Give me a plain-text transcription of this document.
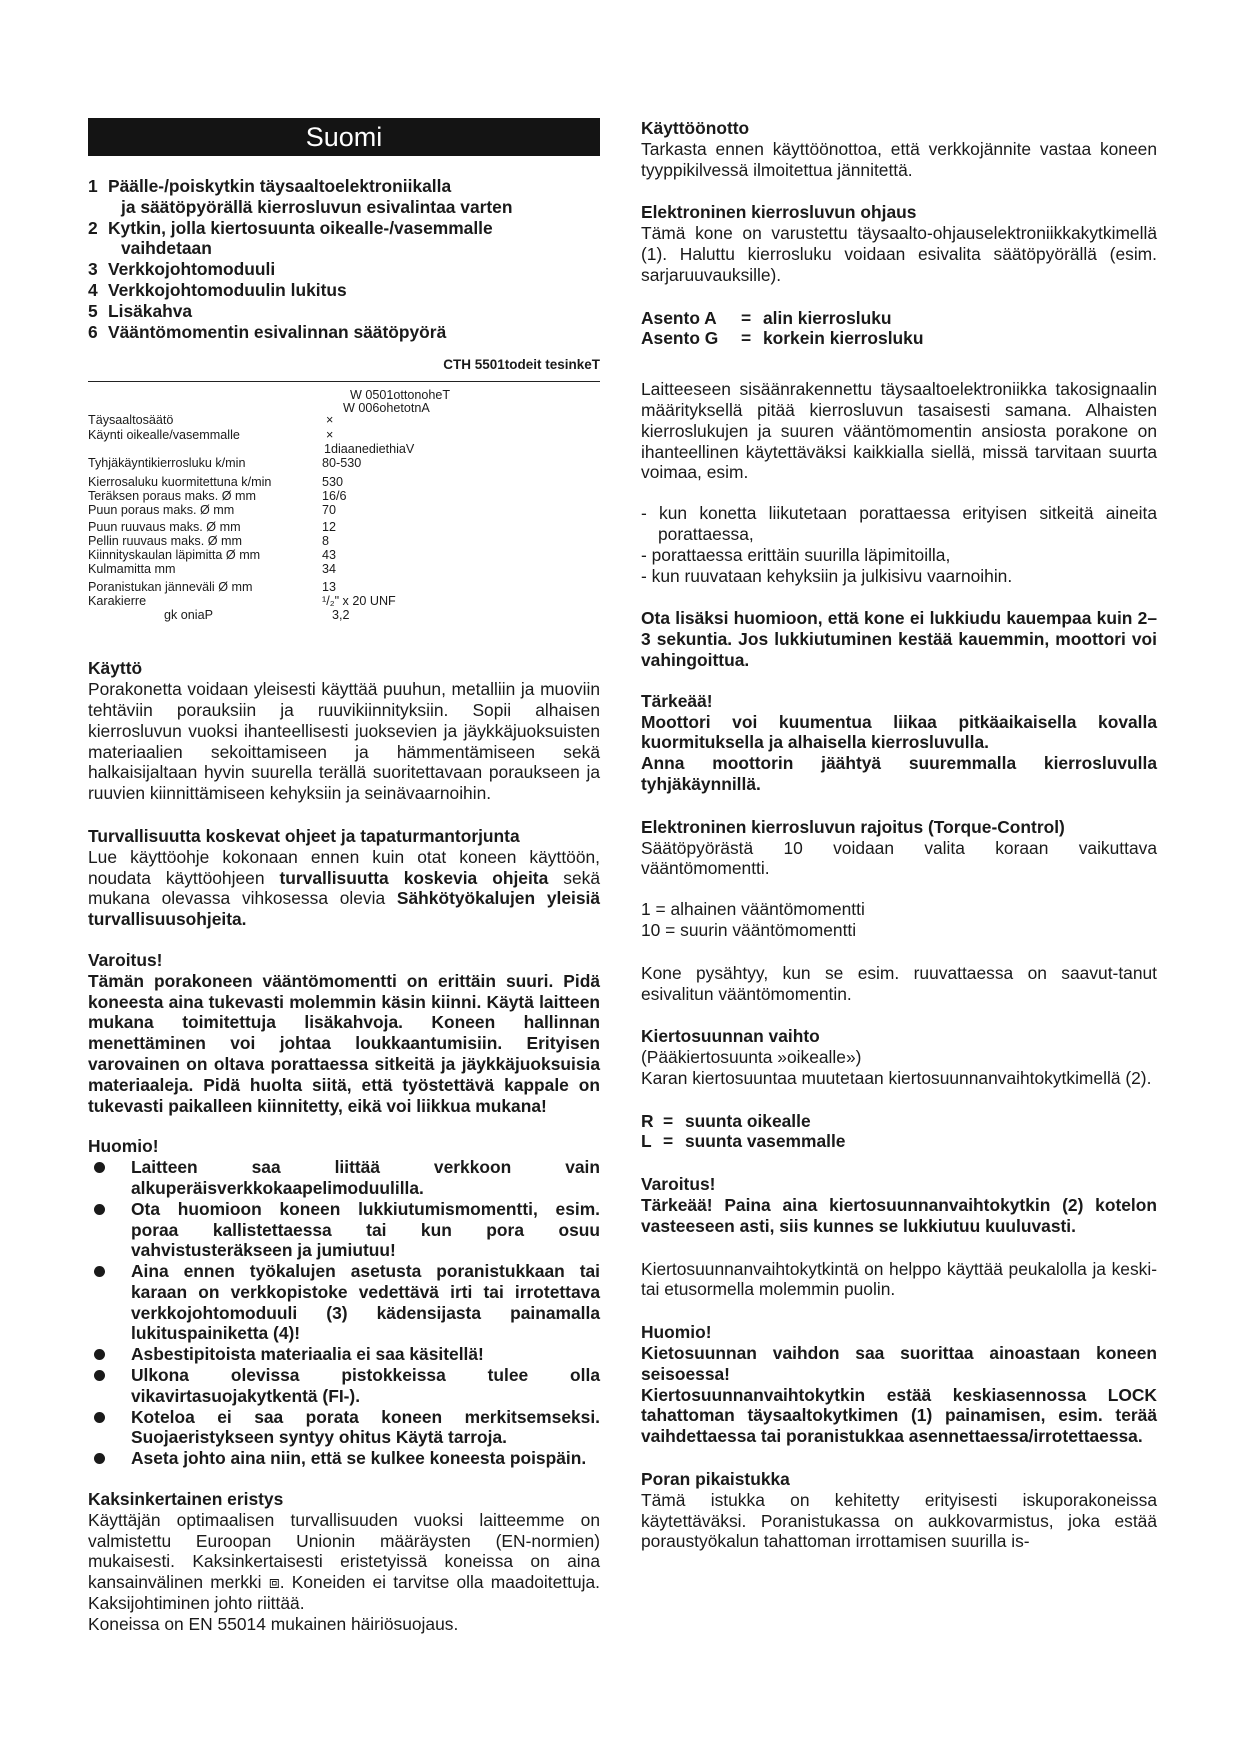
Suomi
1 Päälle-/poiskytkin täysaaltoelektroniikalla
ja säätöpyörällä kierrosluvun esivalintaa varten
2 Kytkin, jolla kiertosuunta oikealle-/vasemmalle
vaihdetaan
3 Verkkojohtomoduuli
4 Verkkojohtomoduulin lukitus
5 Lisäkahva
6 Vääntömomentin esivalinnan säätöpyörä
CTH 5501todeit tesinkeT
W 0501ottonoheT
W 006ohetotnA
Täysaaltosäätö	×
Käynti oikealle/vasemmalle	×
1diaanediethiaV
Tyhjäkäyntikierrosluku k/min	80-530
Kierrosaluku kuormitettuna k/min	530
Teräksen poraus maks. Ø mm	16/6
Puun poraus maks. Ø mm	70
Puun ruuvaus maks. Ø mm	12
Pellin ruuvaus maks. Ø mm	8
Kiinnityskaulan läpimitta Ø mm	43
Kulmamitta mm	34
Poranistukan jänneväli Ø mm	13
Karakierre	¹/₂" x 20 UNF
gk oniaP	3,2

Käyttö

Porakonetta voidaan yleisesti käyttää puuhun, metalliin ja muoviin tehtäviin porauksiin ja ruuvikiinnityksiin. Sopii alhaisen kierrosluvun vuoksi ihanteellisesti juoksevien ja jäykkäjuoksuisten materiaalien sekoittamiseen ja hämmentämiseen sekä halkaisijaltaan hyvin suurella terällä suoritettavaan poraukseen ja ruuvien kiinnittämiseen kehyksiin ja seinävaarnoihin.

Turvallisuutta koskevat ohjeet ja tapaturmantorjunta

Lue käyttöohje kokonaan ennen kuin otat koneen käyttöön, noudata käyttöohjeen turvallisuutta koskevia ohjeita sekä mukana olevassa vihkosessa olevia Sähkötyökalujen yleisiä turvallisuusohjeita.

Varoitus!

Tämän porakoneen vääntömomentti on erittäin suuri. Pidä koneesta aina tukevasti molemmin käsin kiinni. Käytä laitteen mukana toimitettuja lisäkahvoja. Koneen hallinnan menettäminen voi johtaa loukkaantumisiin. Erityisen varovainen on oltava porattaessa sitkeitä ja jäykkäjuoksuisia materiaaleja. Pidä huolta siitä, että työstettävä kappale on tukevasti paikalleen kiinnitetty, eikä voi liikkua mukana!

Huomio!

Laitteen saa liittää verkkoon vain alkuperäisverkkokaapelimoduulilla.
Ota huomioon koneen lukkiutumismomentti, esim. poraa kallistettaessa tai kun pora osuu vahvistusteräkseen ja jumiutuu!
Aina ennen työkalujen asetusta poranistukkaan tai karaan on verkkopistoke vedettävä irti tai irrotettava verkkojohtomoduuli (3) kädensijasta painamalla lukituspainiketta (4)!
Asbestipitoista materiaalia ei saa käsitellä!
Ulkona olevissa pistokkeissa tulee olla vikavirtasuojakytkentä (FI-).
Koteloa ei saa porata koneen merkitsemseksi. Suojaeristykseen syntyy ohitus Käytä tarroja.
Aseta johto aina niin, että se kulkee koneesta poispäin.

Kaksinkertainen eristys

Käyttäjän optimaalisen turvallisuuden vuoksi laitteemme on valmistettu Euroopan Unionin määräysten (EN-normien) mukaisesti. Kaksinkertaisesti eristetyissä koneissa on aina kansainvälinen merkki ⧈. Koneiden ei tarvitse olla maadoitettuja. Kaksijohtiminen johto riittää.

Koneissa on EN 55014 mukainen häiriösuojaus.

Käyttöönotto

Tarkasta ennen käyttöönottoa, että verkkojännite vastaa koneen tyyppikilvessä ilmoitettua jännitettä.

Elektroninen kierrosluvun ohjaus

Tämä kone on varustettu täysaalto-ohjauselektroniikkakytkimellä (1). Haluttu kierrosluku voidaan esivalita säätöpyörällä (esim. sarjaruuvauksille).

Asento A	= alin kierrosluku
Asento G	= korkein kierrosluku

Laitteeseen sisäänrakennettu täysaaltoelektroniikka takosignaalin määrityksellä pitää kierrosluvun tasaisesti samana. Alhaisten kierroslukujen ja suuren vääntömomentin ansiosta porakone on ihanteellinen käytettäväksi kaikkialla siellä, missä tarvitaan suurta voimaa, esim.

- kun konetta liikutetaan porattaessa erityisen sitkeitä aineita porattaessa,

- porattaessa erittäin suurilla läpimitoilla,

- kun ruuvataan kehyksiin ja julkisivu vaarnoihin.

Ota lisäksi huomioon, että kone ei lukkiudu kauempaa kuin 2–3 sekuntia. Jos lukkiutuminen kestää kauemmin, moottori voi vahingoittua.

Tärkeää!

Moottori voi kuumentua liikaa pitkäaikaisella kovalla kuormituksella ja alhaisella kierrosluvulla.

Anna moottorin jäähtyä suuremmalla kierrosluvulla tyhjäkäynnillä.

Elektroninen kierrosluvun rajoitus (Torque-Control)

Säätöpyörästä 10 voidaan valita koraan vaikuttava vääntömomentti.

1 = alhainen vääntömomentti

10 = suurin vääntömomentti

Kone pysähtyy, kun se esim. ruuvattaessa on saavut-tanut esivalitun vääntömomentin.

Kiertosuunnan vaihto

(Pääkiertosuunta »oikealle»)

Karan kiertosuuntaa muutetaan kiertosuunnanvaihtokytkimellä (2).

R = suunta oikealle
L = suunta vasemmalle

Varoitus!

Tärkeää! Paina aina kiertosuunnanvaihtokytkin (2) kotelon vasteeseen asti, siis kunnes se lukkiutuu kuuluvasti.

Kiertosuunnanvaihtokytkintä on helppo käyttää peukalolla ja keski- tai etusormella molemmin puolin.

Huomio!

Kietosuunnan vaihdon saa suorittaa ainoastaan koneen seisoessa!

Kiertosuunnanvaihtokytkin estää keskiasennossa LOCK tahattoman täysaaltokytkimen (1) painamisen, esim. terää vaihdettaessa tai poranistukkaa asennettaessa/irrotettaessa.

Poran pikaistukka

Tämä istukka on kehitetty erityisesti iskuporakoneissa käytettäväksi. Poranistukassa on aukkovarmistus, joka estää poraustyökalun tahattoman irrottamisen suurilla is-
